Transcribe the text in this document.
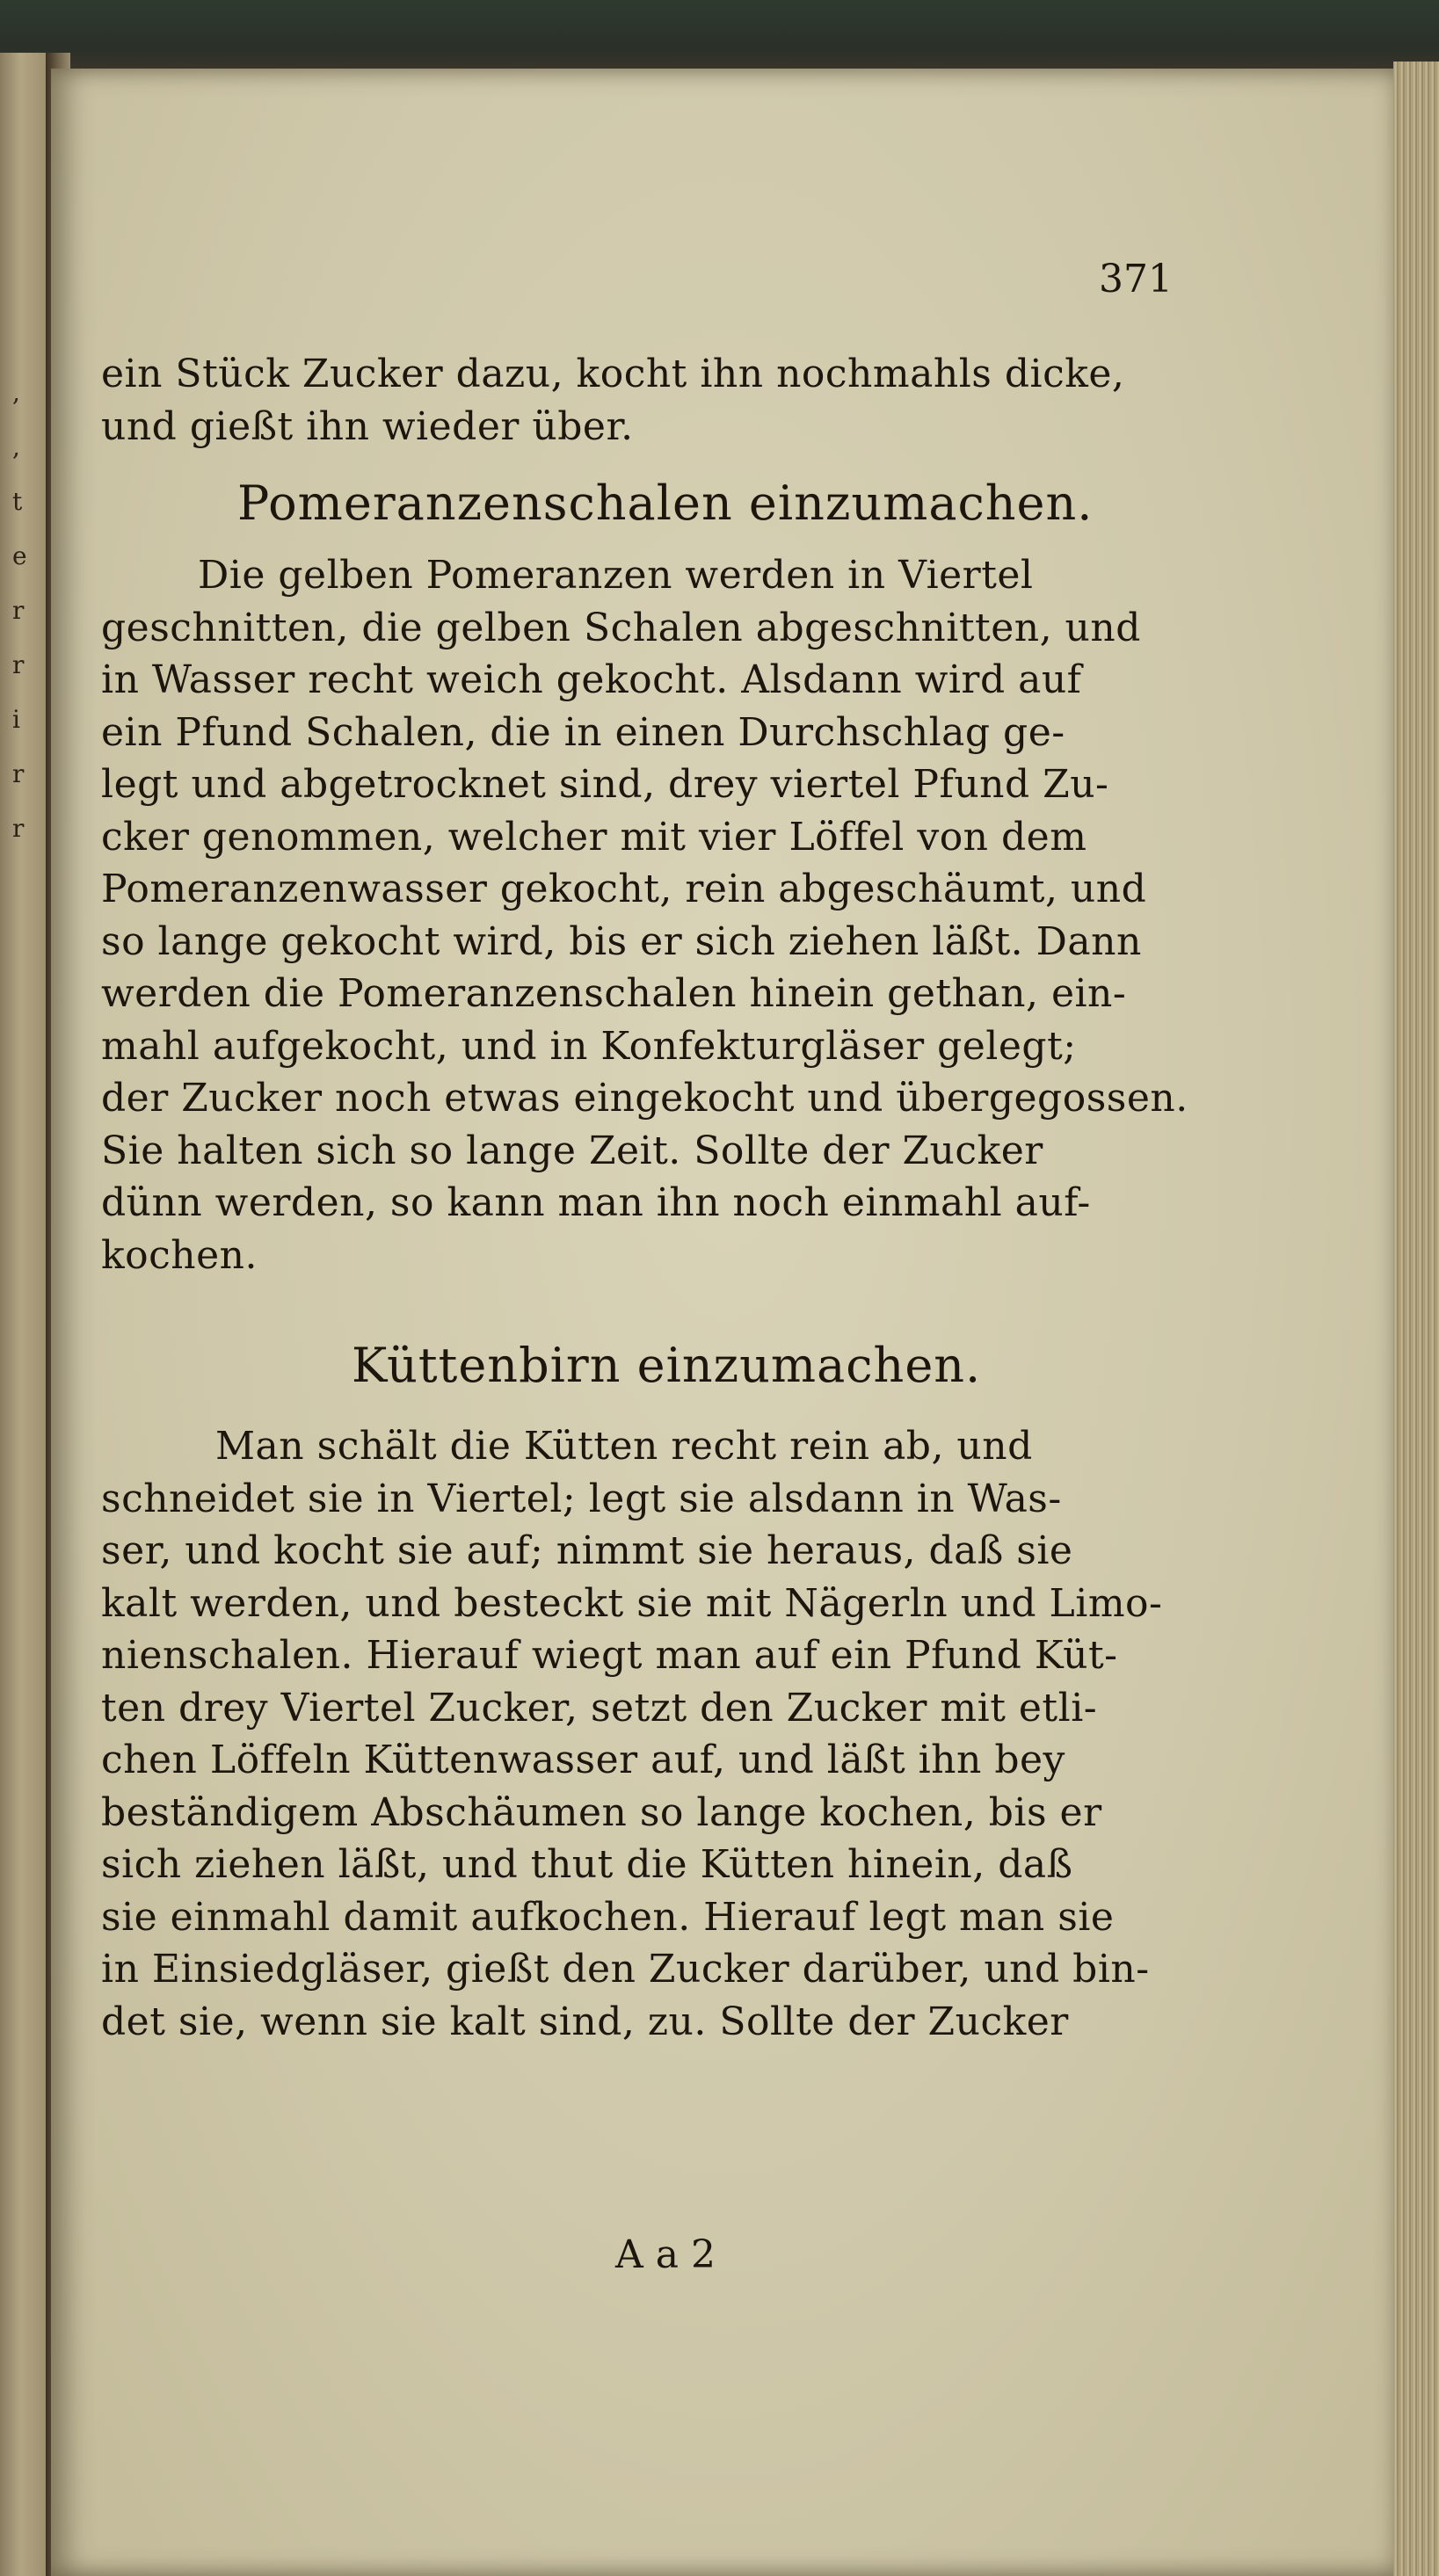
,
,
t
e
r
r
i
r
r
371
ein Stück Zucker dazu, kocht ihn nochmahls dicke,
und gießt ihn wieder über.
Pomeranzenschalen einzumachen.
Die gelben Pomeranzen werden in Viertel
geschnitten, die gelben Schalen abgeschnitten, und
in Wasser recht weich gekocht. Alsdann wird auf
ein Pfund Schalen, die in einen Durchschlag ge-
legt und abgetrocknet sind, drey viertel Pfund Zu-
cker genommen, welcher mit vier Löffel von dem
Pomeranzenwasser gekocht, rein abgeschäumt, und
so lange gekocht wird, bis er sich ziehen läßt. Dann
werden die Pomeranzenschalen hinein gethan, ein-
mahl aufgekocht, und in Konfekturgläser gelegt;
der Zucker noch etwas eingekocht und übergegossen.
Sie halten sich so lange Zeit. Sollte der Zucker
dünn werden, so kann man ihn noch einmahl auf-
kochen.
Küttenbirn einzumachen.
Man schält die Kütten recht rein ab, und
schneidet sie in Viertel; legt sie alsdann in Was-
ser, und kocht sie auf; nimmt sie heraus, daß sie
kalt werden, und besteckt sie mit Nägerln und Limo-
nienschalen. Hierauf wiegt man auf ein Pfund Küt-
ten drey Viertel Zucker, setzt den Zucker mit etli-
chen Löffeln Küttenwasser auf, und läßt ihn bey
beständigem Abschäumen so lange kochen, bis er
sich ziehen läßt, und thut die Kütten hinein, daß
sie einmahl damit aufkochen. Hierauf legt man sie
in Einsiedgläser, gießt den Zucker darüber, und bin-
det sie, wenn sie kalt sind, zu. Sollte der Zucker
A a 2
